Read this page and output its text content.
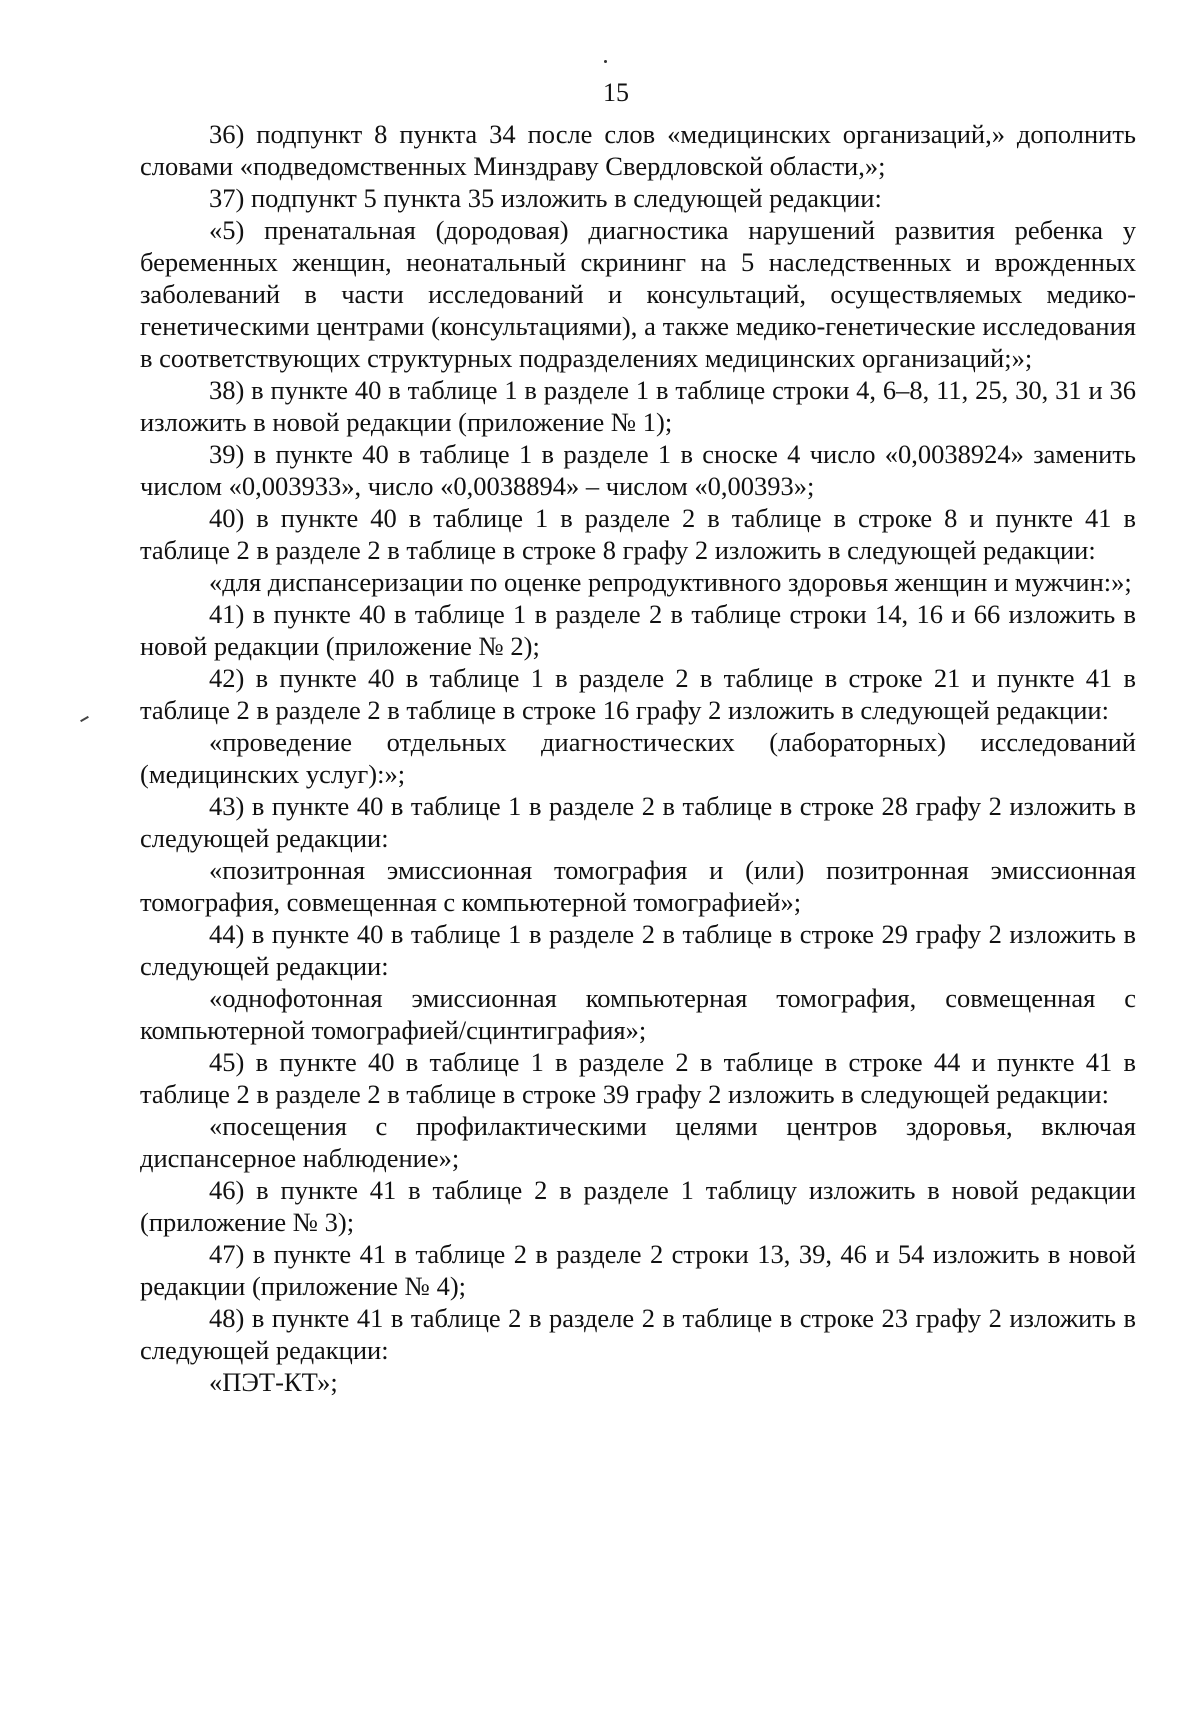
15

36) подпункт 8 пункта 34 после слов «медицинских организаций,» дополнить словами «подведомственных Минздраву Свердловской области,»;

37) подпункт 5 пункта 35 изложить в следующей редакции:

«5) пренатальная (дородовая) диагностика нарушений развития ребенка у беременных женщин, неонатальный скрининг на 5 наследственных и врожденных заболеваний в части исследований и консультаций, осуществляемых медико-генетическими центрами (консультациями), а также медико-генетические исследования в соответствующих структурных подразделениях медицинских организаций;»;

38) в пункте 40 в таблице 1 в разделе 1 в таблице строки 4, 6–8, 11, 25, 30, 31 и 36 изложить в новой редакции (приложение № 1);

39) в пункте 40 в таблице 1 в разделе 1 в сноске 4 число «0,0038924» заменить числом «0,003933», число «0,0038894» – числом «0,00393»;

40) в пункте 40 в таблице 1 в разделе 2 в таблице в строке 8 и пункте 41 в таблице 2 в разделе 2 в таблице в строке 8 графу 2 изложить в следующей редакции:

«для диспансеризации по оценке репродуктивного здоровья женщин и мужчин:»;

41) в пункте 40 в таблице 1 в разделе 2 в таблице строки 14, 16 и 66 изложить в новой редакции (приложение № 2);

42) в пункте 40 в таблице 1 в разделе 2 в таблице в строке 21 и пункте 41 в таблице 2 в разделе 2 в таблице в строке 16 графу 2 изложить в следующей редакции:

«проведение отдельных диагностических (лабораторных) исследований (медицинских услуг):»;

43) в пункте 40 в таблице 1 в разделе 2 в таблице в строке 28 графу 2 изложить в следующей редакции:

«позитронная эмиссионная томография и (или) позитронная эмиссионная томография, совмещенная с компьютерной томографией»;

44) в пункте 40 в таблице 1 в разделе 2 в таблице в строке 29 графу 2 изложить в следующей редакции:

«однофотонная эмиссионная компьютерная томография, совмещенная с компьютерной томографией/сцинтиграфия»;

45) в пункте 40 в таблице 1 в разделе 2 в таблице в строке 44 и пункте 41 в таблице 2 в разделе 2 в таблице в строке 39 графу 2 изложить в следующей редакции:

«посещения с профилактическими целями центров здоровья, включая диспансерное наблюдение»;

46) в пункте 41 в таблице 2 в разделе 1 таблицу изложить в новой редакции (приложение № 3);

47) в пункте 41 в таблице 2 в разделе 2 строки 13, 39, 46 и 54 изложить в новой редакции (приложение № 4);

48) в пункте 41 в таблице 2 в разделе 2 в таблице в строке 23 графу 2 изложить в следующей редакции:

«ПЭТ-КТ»;
